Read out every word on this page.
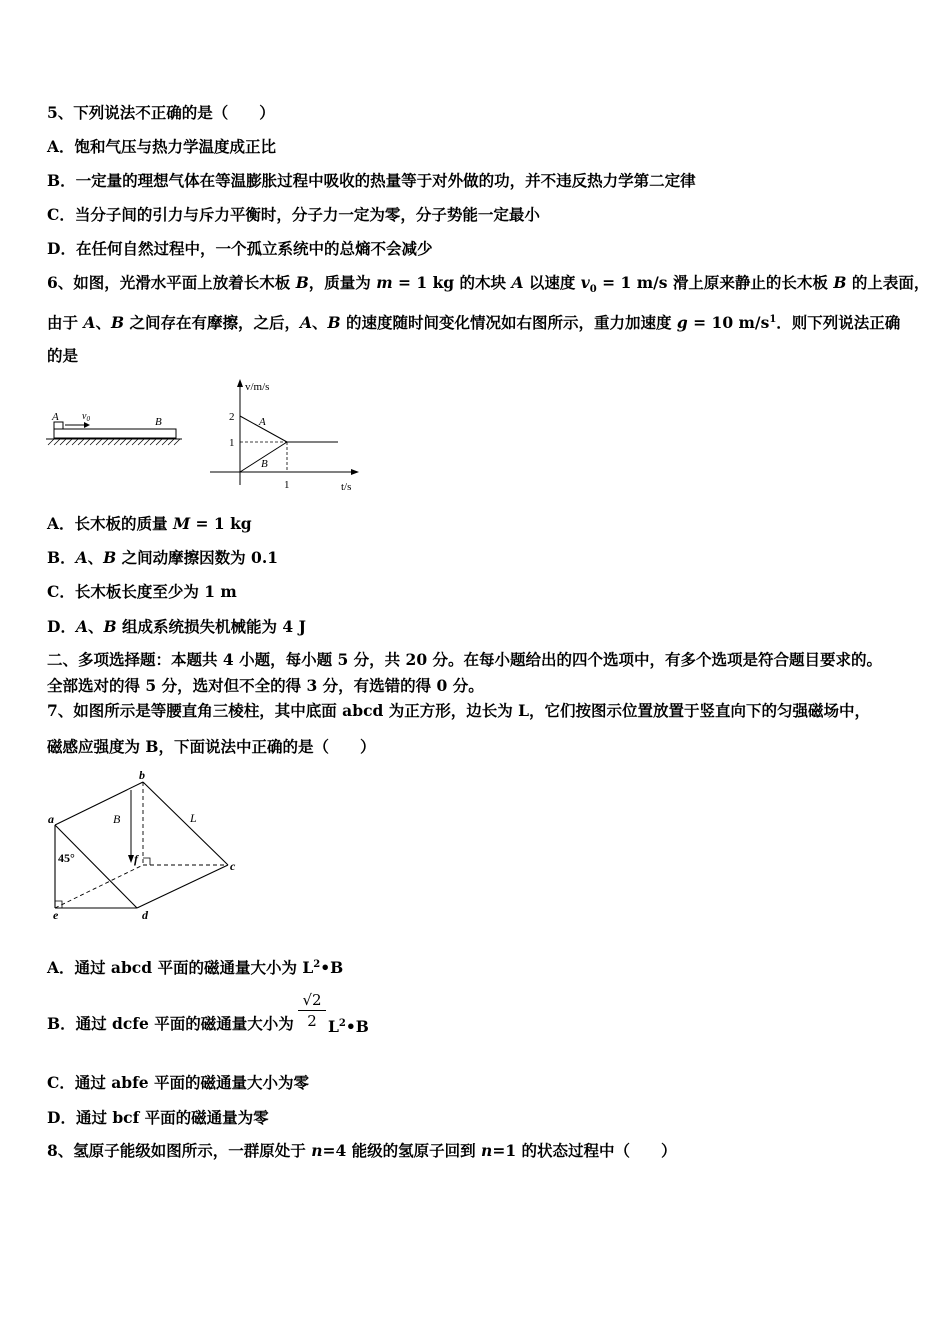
5、下列说法不正确的是（　　）
A．饱和气压与热力学温度成正比
B．一定量的理想气体在等温膨胀过程中吸收的热量等于对外做的功，并不违反热力学第二定律
C．当分子间的引力与斥力平衡时，分子力一定为零，分子势能一定最小
D．在任何自然过程中，一个孤立系统中的总熵不会减少
6、如图，光滑水平面上放着长木板 B，质量为 m = 1 kg 的木块 A 以速度 $v_0 = 1$ m/s 滑上原来静止的长木板 B 的上表面，
由于 A、B 之间存在有摩擦，之后，A、B 的速度随时间变化情况如右图所示，重力加速度 g = 10 $m/s^1$．则下列说法正确
的是
A $v_0$	B
v/m/s
t/s
2
1
1
A
B
A．长木板的质量 M = 1 kg
B．A、B 之间动摩擦因数为 0.1
C．长木板长度至少为 1 m
D．A、B 组成系统损失机械能为 4 J
二、多项选择题：本题共 4 小题，每小题 5 分，共 20 分。在每小题给出的四个选项中，有多个选项是符合题目要求的。
全部选对的得 5 分，选对但不全的得 3 分，有选错的得 0 分。
7、如图所示是等腰直角三棱柱，其中底面 abcd 为正方形，边长为 L，它们按图示位置放置于竖直向下的匀强磁场中，
磁感应强度为 B，下面说法中正确的是（　　）
a
b
c
d
e
f
B	L
45°
A．通过 abcd 平面的磁通量大小为 $L^2•B$
B．通过 dcfe 平面的磁通量大小为 $\frac{√2}{2}$ $L^2•B$
C．通过 abfe 平面的磁通量大小为零
D．通过 bcf 平面的磁通量为零
8、氢原子能级如图所示，一群原处于 n=4 能级的氢原子回到 n=1 的状态过程中（　　）
